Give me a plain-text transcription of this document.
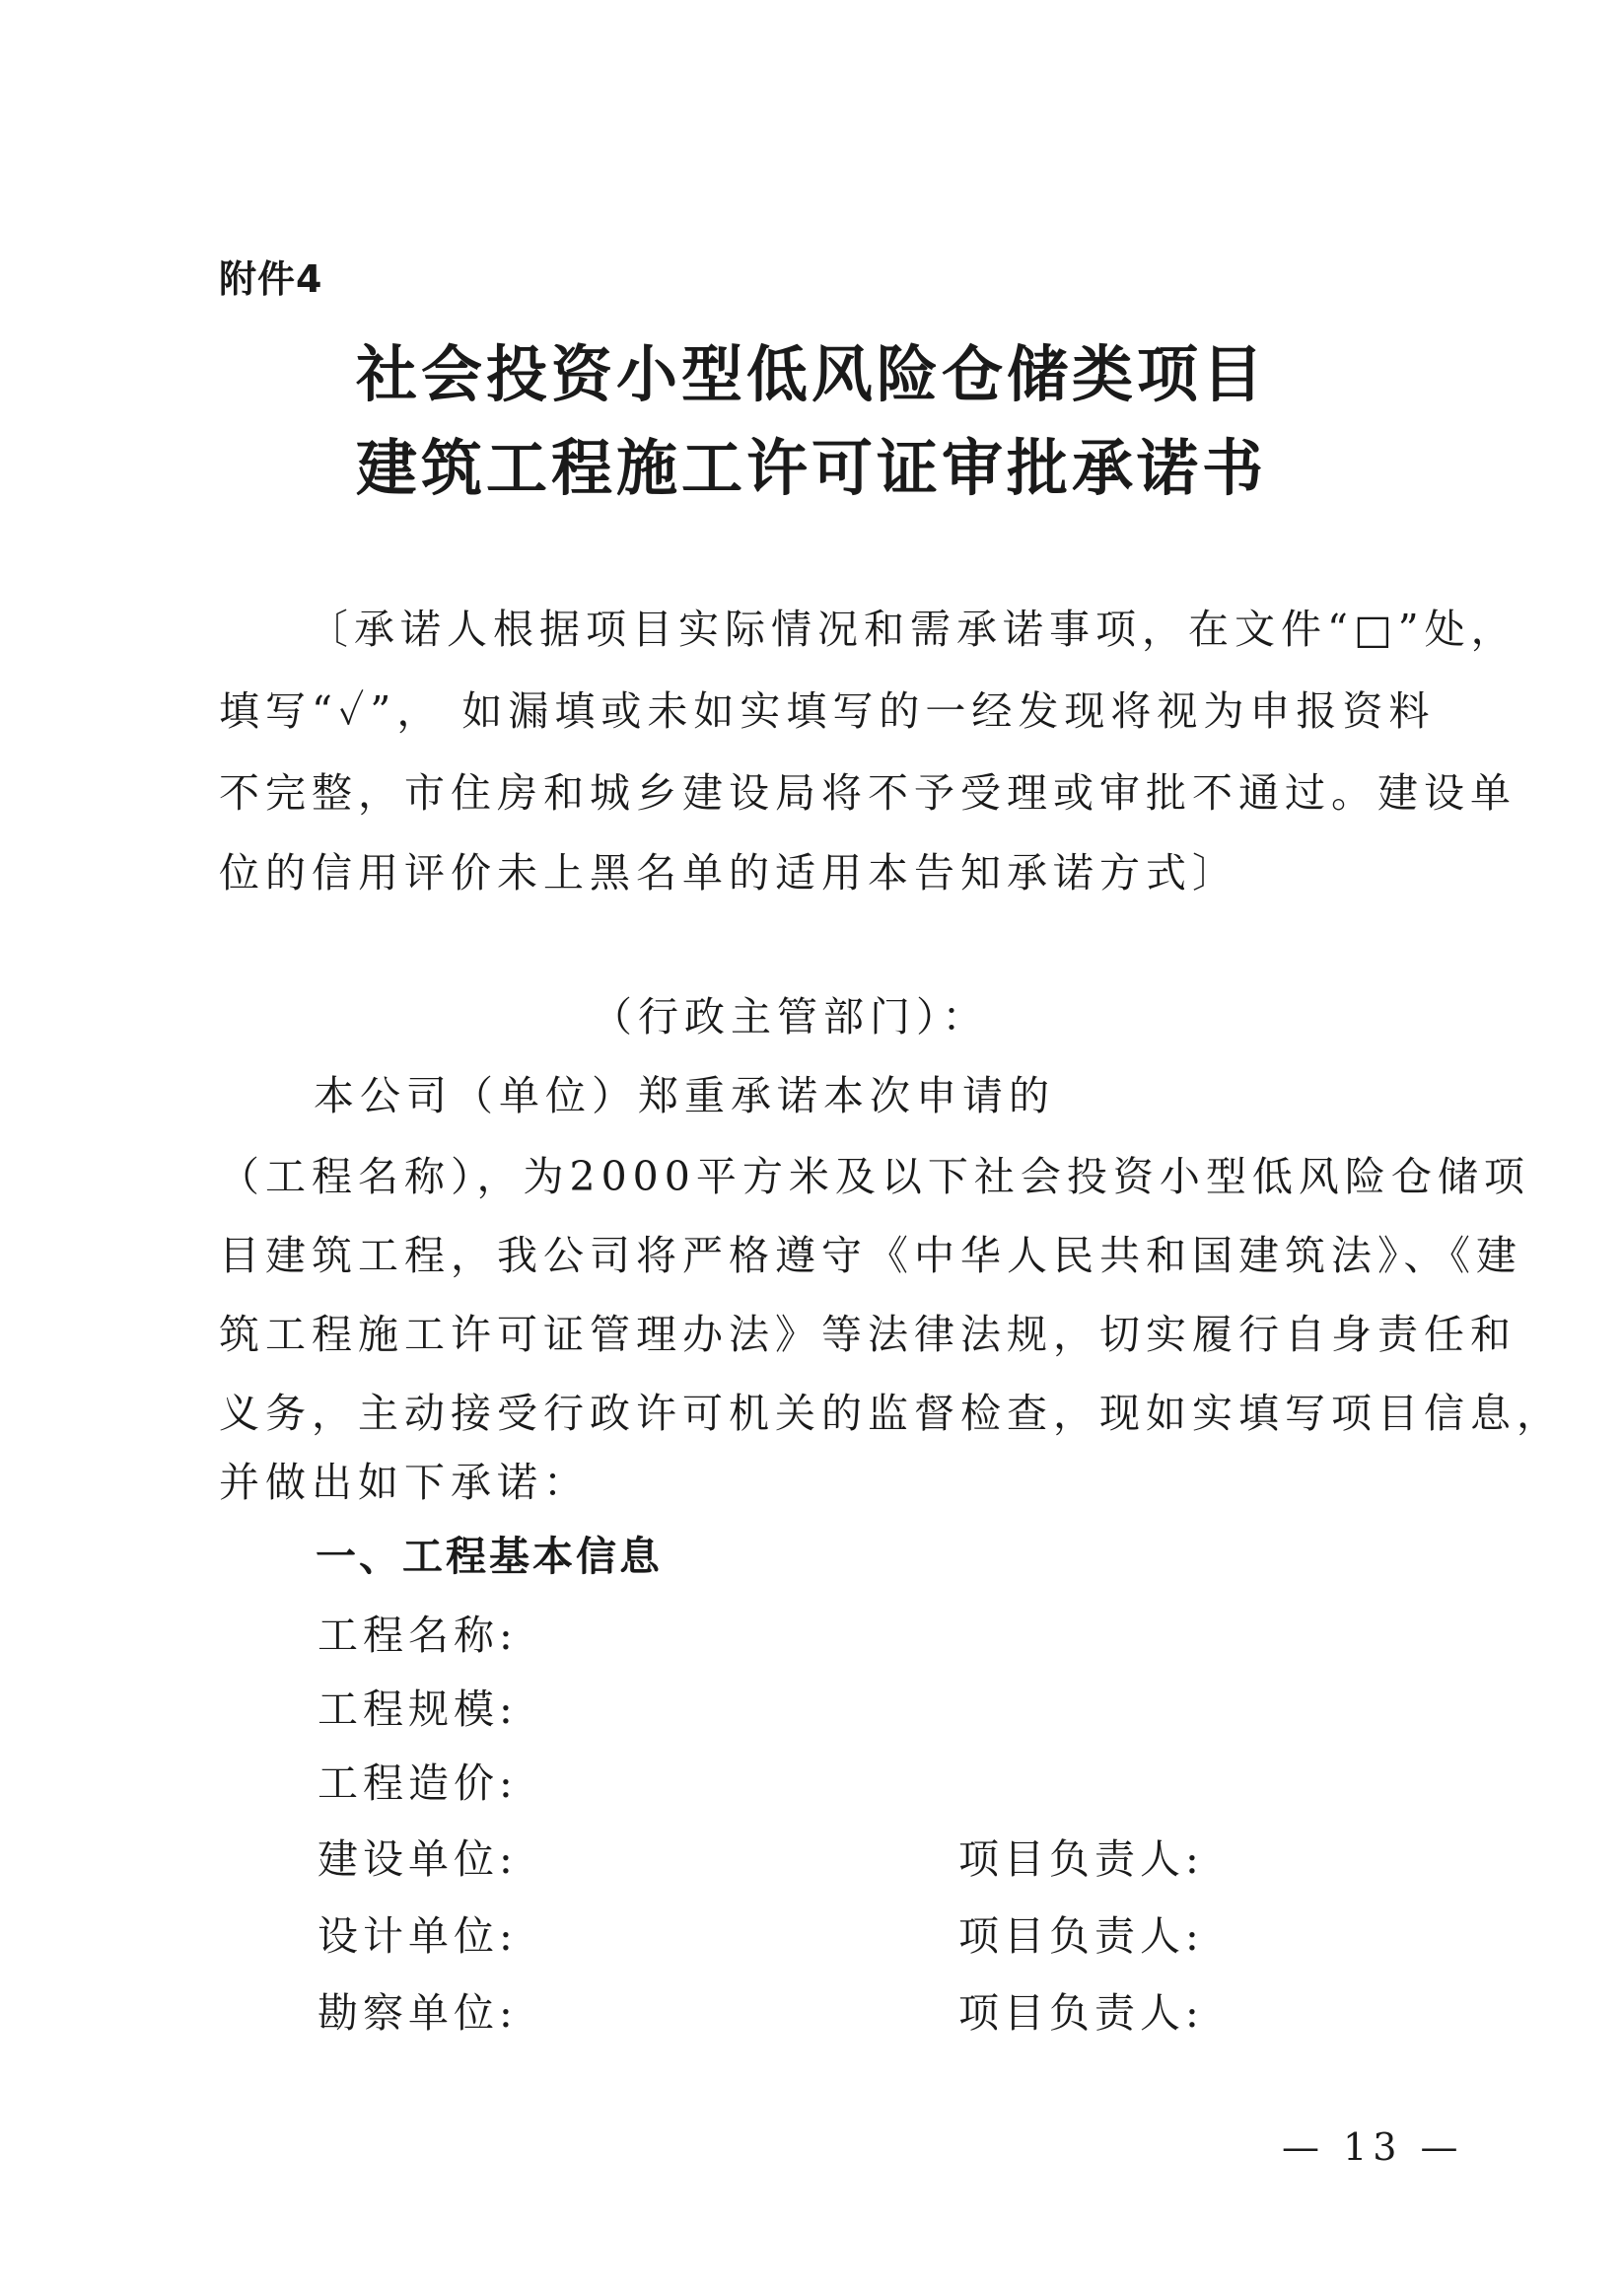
附件4
社会投资小型低风险仓储类项目
建筑工程施工许可证审批承诺书
〔承诺人根据项目实际情况和需承诺事项，在文件“□”处，
填写“✓”， 如漏填或未如实填写的一经发现将视为申报资料
不完整，市住房和城乡建设局将不予受理或审批不通过。建设单
位的信用评价未上黑名单的适用本告知承诺方式〕
（行政主管部门）：
本公司（单位）郑重承诺本次申请的
（工程名称），为2000平方米及以下社会投资小型低风险仓储项
目建筑工程，我公司将严格遵守《中华人民共和国建筑法》、《建
筑工程施工许可证管理办法》等法律法规，切实履行自身责任和
义务，主动接受行政许可机关的监督检查，现如实填写项目信息，
并做出如下承诺：
一、工程基本信息
工程名称:
工程规模:
工程造价:
建设单位:	项目负责人:
设计单位:	项目负责人:
勘察单位:	项目负责人:
— 13 —
